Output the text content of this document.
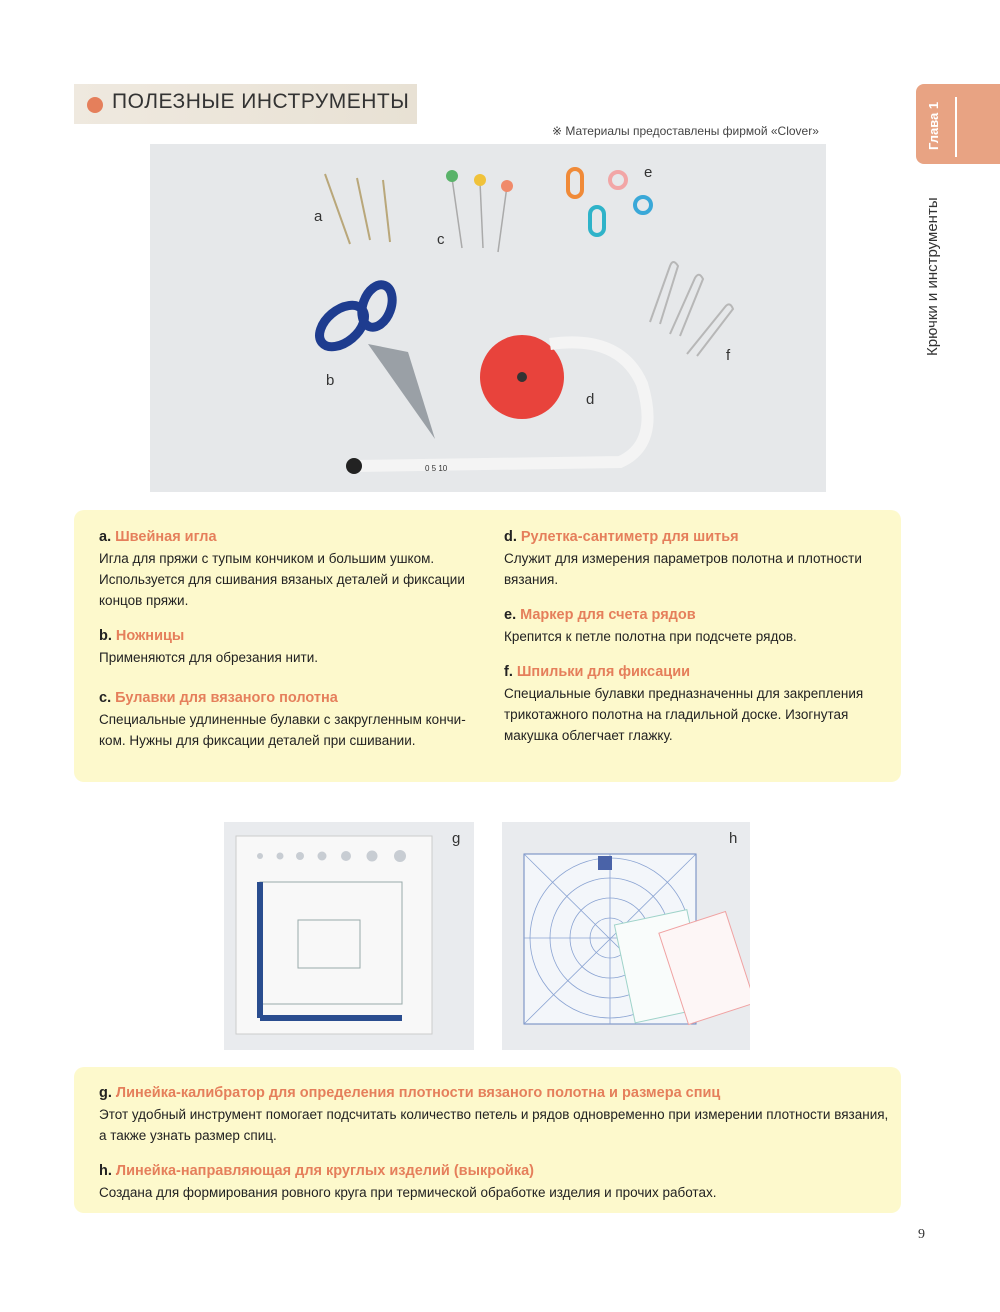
ПОЛЕЗНЫЕ ИНСТРУМЕНТЫ
※ Материалы предоставлены фирмой «Clover»	Глава 1
Крючки и инструменты
0 5 10
a
c
e
b
d
f
a. Швейная игла
Игла для пряжи с тупым кончиком и большим ушком. Используется для сшивания вязаных деталей и фиксации концов пряжи.
b. Ножницы
Применяются для обрезания нити.
c. Булавки для вязаного полотна
Специальные удлиненные булавки с закругленным кончи-ком. Нужны для фиксации деталей при сшивании.
d. Рулетка-сантиметр для шитья
Служит для измерения параметров полотна и плотности вязания.
e. Маркер для счета рядов
Крепится к петле полотна при подсчете рядов.
f. Шпильки для фиксации
Специальные булавки предназначенны для закрепления трикотажного полотна на гладильной доске. Изогнутая макушка облегчает глажку.
g	h
g. Линейка-калибратор для определения плотности вязаного полотна и размера спиц
Этот удобный инструмент помогает подсчитать количество петель и рядов одновременно при измерении плотности вязания, а также узнать размер спиц.
h. Линейка-направляющая для круглых изделий (выкройка)
Создана для формирования ровного круга при термической обработке изделия и прочих работах.
9
